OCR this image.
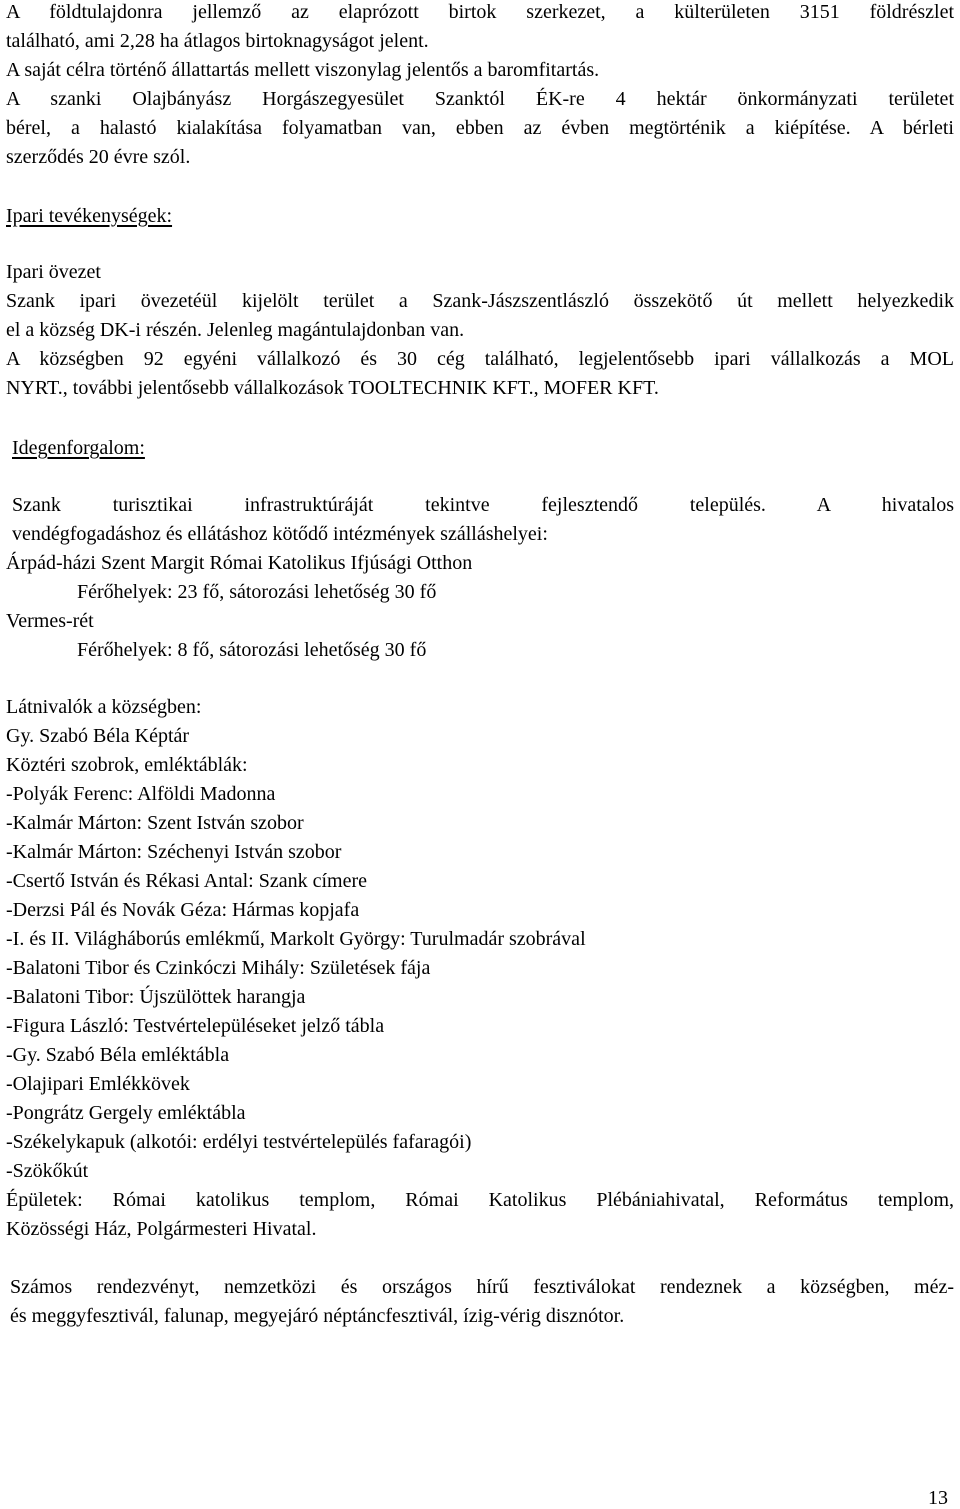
A földtulajdonra jellemző az elaprózott birtok szerkezet, a külterületen 3151 földrészlet
található, ami 2,28 ha átlagos birtoknagyságot jelent.
A saját célra történő állattartás mellett viszonylag jelentős a baromfitartás.
A szanki Olajbányász Horgászegyesület Szanktól ÉK-re 4 hektár önkormányzati területet
bérel, a halastó kialakítása folyamatban van, ebben az évben megtörténik a kiépítése. A bérleti
szerződés 20 évre szól.
Ipari tevékenységek:
Ipari övezet
Szank ipari övezetéül kijelölt terület a Szank-Jászszentlászló összekötő út mellett helyezkedik
el a község DK-i részén. Jelenleg magántulajdonban van.
A községben 92 egyéni vállalkozó és 30 cég található, legjelentősebb ipari vállalkozás a MOL
NYRT., további jelentősebb vállalkozások TOOLTECHNIK KFT., MOFER KFT.
Idegenforgalom:
Szank turisztikai infrastruktúráját tekintve fejlesztendő település. A hivatalos
vendégfogadáshoz és ellátáshoz kötődő intézmények szálláshelyei:
Árpád-házi Szent Margit Római Katolikus Ifjúsági Otthon
Férőhelyek: 23 fő, sátorozási lehetőség 30 fő
Vermes-rét
Férőhelyek: 8 fő, sátorozási lehetőség 30 fő
Látnivalók a községben:
Gy. Szabó Béla Képtár
Köztéri szobrok, emléktáblák:
-Polyák Ferenc: Alföldi Madonna
-Kalmár Márton: Szent István szobor
-Kalmár Márton: Széchenyi István szobor
-Csertő István és Rékasi Antal: Szank címere
-Derzsi Pál és Novák Géza: Hármas kopjafa
-I. és II. Világháborús emlékmű, Markolt György: Turulmadár szobrával
-Balatoni Tibor és Czinkóczi Mihály: Születések fája
-Balatoni Tibor: Újszülöttek harangja
-Figura László: Testvértelepüléseket jelző tábla
-Gy. Szabó Béla emléktábla
-Olajipari Emlékkövek
-Pongrátz Gergely emléktábla
-Székelykapuk (alkotói: erdélyi testvértelepülés fafaragói)
-Szökőkút
Épületek: Római katolikus templom, Római Katolikus Plébániahivatal, Református templom,
Közösségi Ház, Polgármesteri Hivatal.
Számos rendezvényt, nemzetközi és országos hírű fesztiválokat rendeznek a községben, méz-
és meggyfesztivál, falunap, megyejáró néptáncfesztivál, ízig-vérig disznótor.
13
